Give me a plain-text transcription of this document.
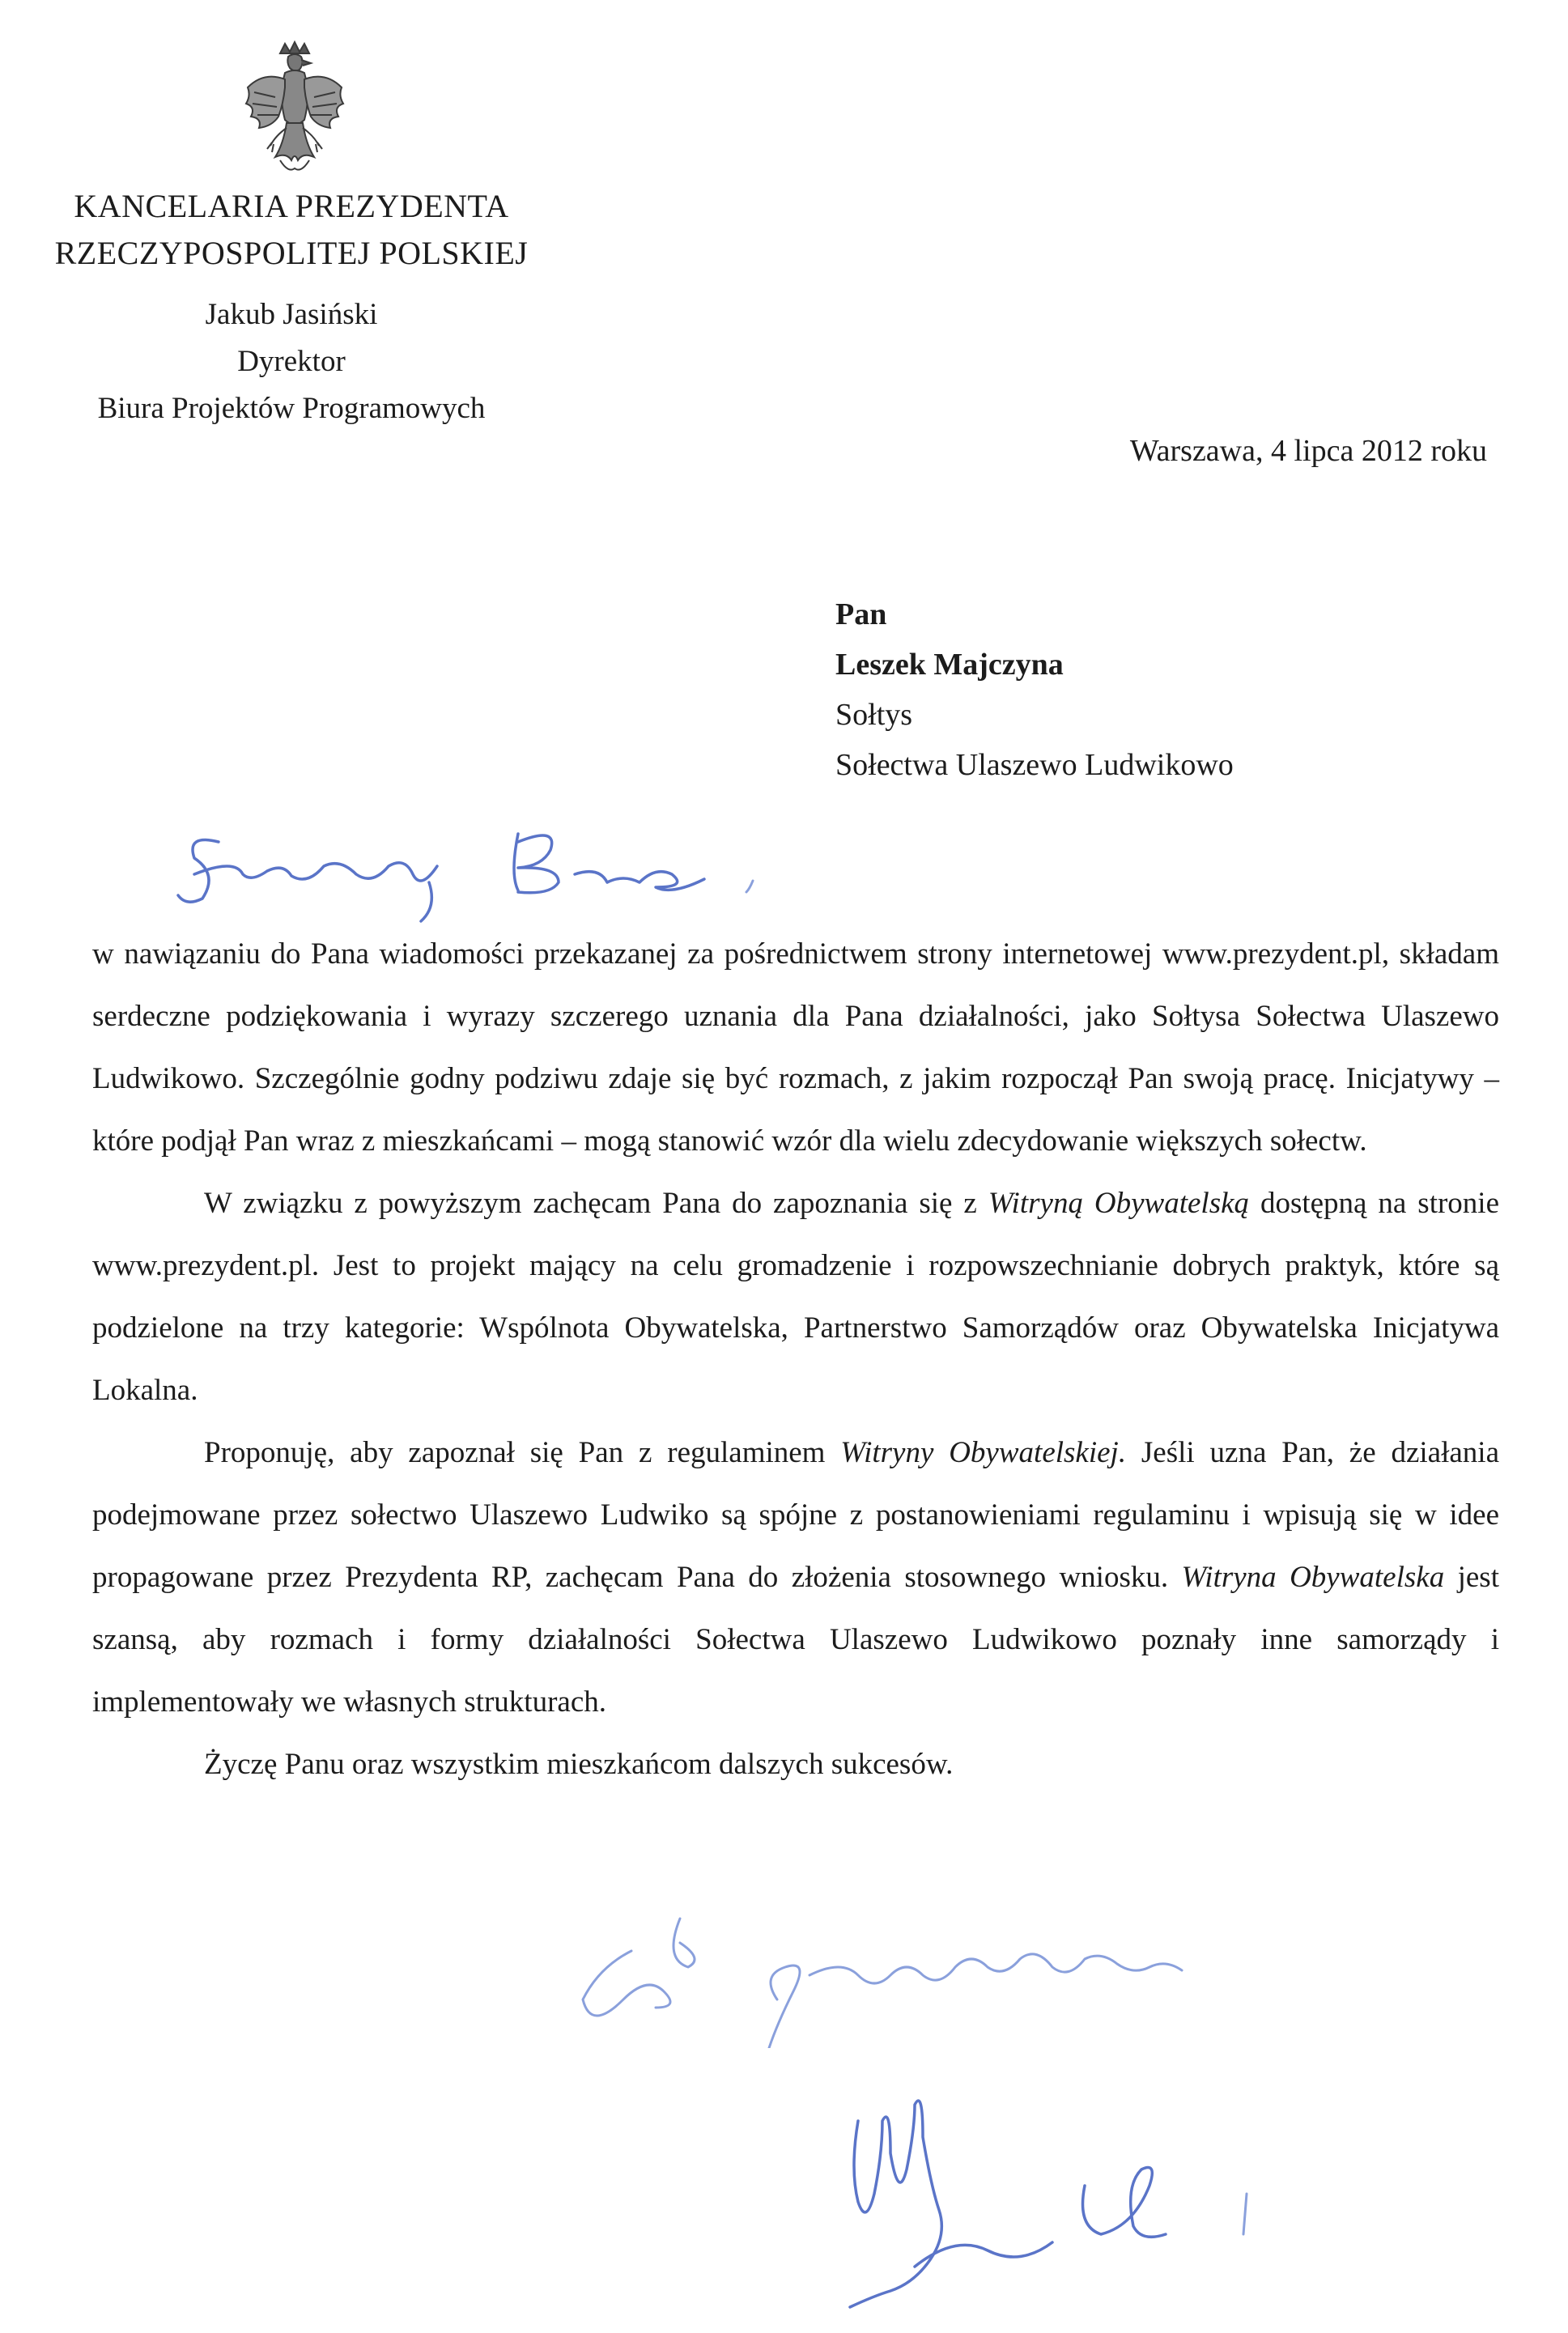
KANCELARIA PREZYDENTA
RZECZYPOSPOLITEJ POLSKIEJ
Jakub Jasiński
Dyrektor
Biura Projektów Programowych
Warszawa, 4 lipca 2012 roku
Pan
Leszek Majczyna
Sołtys
Sołectwa Ulaszewo Ludwikowo

w nawiązaniu do Pana wiadomości przekazanej za pośrednictwem strony internetowej www.prezydent.pl, składam serdeczne podziękowania i wyrazy szczerego uznania dla Pana działalności, jako Sołtysa Sołectwa Ulaszewo Ludwikowo. Szczególnie godny podziwu zdaje się być rozmach, z jakim rozpoczął Pan swoją pracę. Inicjatywy – które podjął Pan wraz z mieszkańcami – mogą stanowić wzór dla wielu zdecydowanie większych sołectw.

W związku z powyższym zachęcam Pana do zapoznania się z Witryną Obywatelską dostępną na stronie www.prezydent.pl. Jest to projekt mający na celu gromadzenie i rozpowszechnianie dobrych praktyk, które są podzielone na trzy kategorie: Wspólnota Obywatelska, Partnerstwo Samorządów oraz Obywatelska Inicjatywa Lokalna.

Proponuję, aby zapoznał się Pan z regulaminem Witryny Obywatelskiej. Jeśli uzna Pan, że działania podejmowane przez sołectwo Ulaszewo Ludwiko są spójne z postanowieniami regulaminu i wpisują się w idee propagowane przez Prezydenta RP, zachęcam Pana do złożenia stosownego wniosku. Witryna Obywatelska jest szansą, aby rozmach i formy działalności Sołectwa Ulaszewo Ludwikowo poznały inne samorządy i implementowały we własnych strukturach.

Życzę Panu oraz wszystkim mieszkańcom dalszych sukcesów.
